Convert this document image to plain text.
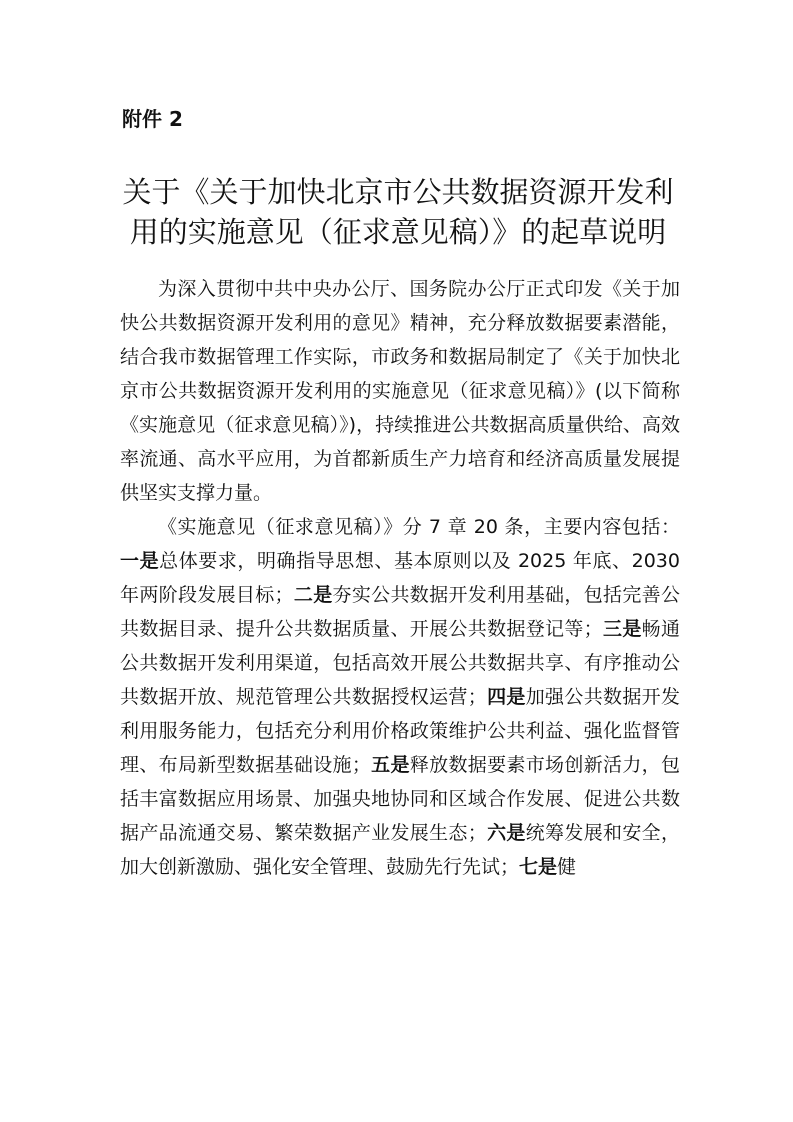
附件 2
关于《关于加快北京市公共数据资源开发利用的实施意见（征求意见稿）》的起草说明

为深入贯彻中共中央办公厅、国务院办公厅正式印发《关于加快公共数据资源开发利用的意见》精神，充分释放数据要素潜能，结合我市数据管理工作实际，市政务和数据局制定了《关于加快北京市公共数据资源开发利用的实施意见（征求意见稿）》(以下简称《实施意见（征求意见稿）》)，持续推进公共数据高质量供给、高效率流通、高水平应用，为首都新质生产力培育和经济高质量发展提供坚实支撑力量。

《实施意见（征求意见稿）》分 7 章 20 条，主要内容包括：一是总体要求，明确指导思想、基本原则以及 2025 年底、2030 年两阶段发展目标；二是夯实公共数据开发利用基础，包括完善公共数据目录、提升公共数据质量、开展公共数据登记等；三是畅通公共数据开发利用渠道，包括高效开展公共数据共享、有序推动公共数据开放、规范管理公共数据授权运营；四是加强公共数据开发利用服务能力，包括充分利用价格政策维护公共利益、强化监督管理、布局新型数据基础设施；五是释放数据要素市场创新活力，包括丰富数据应用场景、加强央地协同和区域合作发展、促进公共数据产品流通交易、繁荣数据产业发展生态；六是统筹发展和安全，加大创新激励、强化安全管理、鼓励先行先试；七是健
